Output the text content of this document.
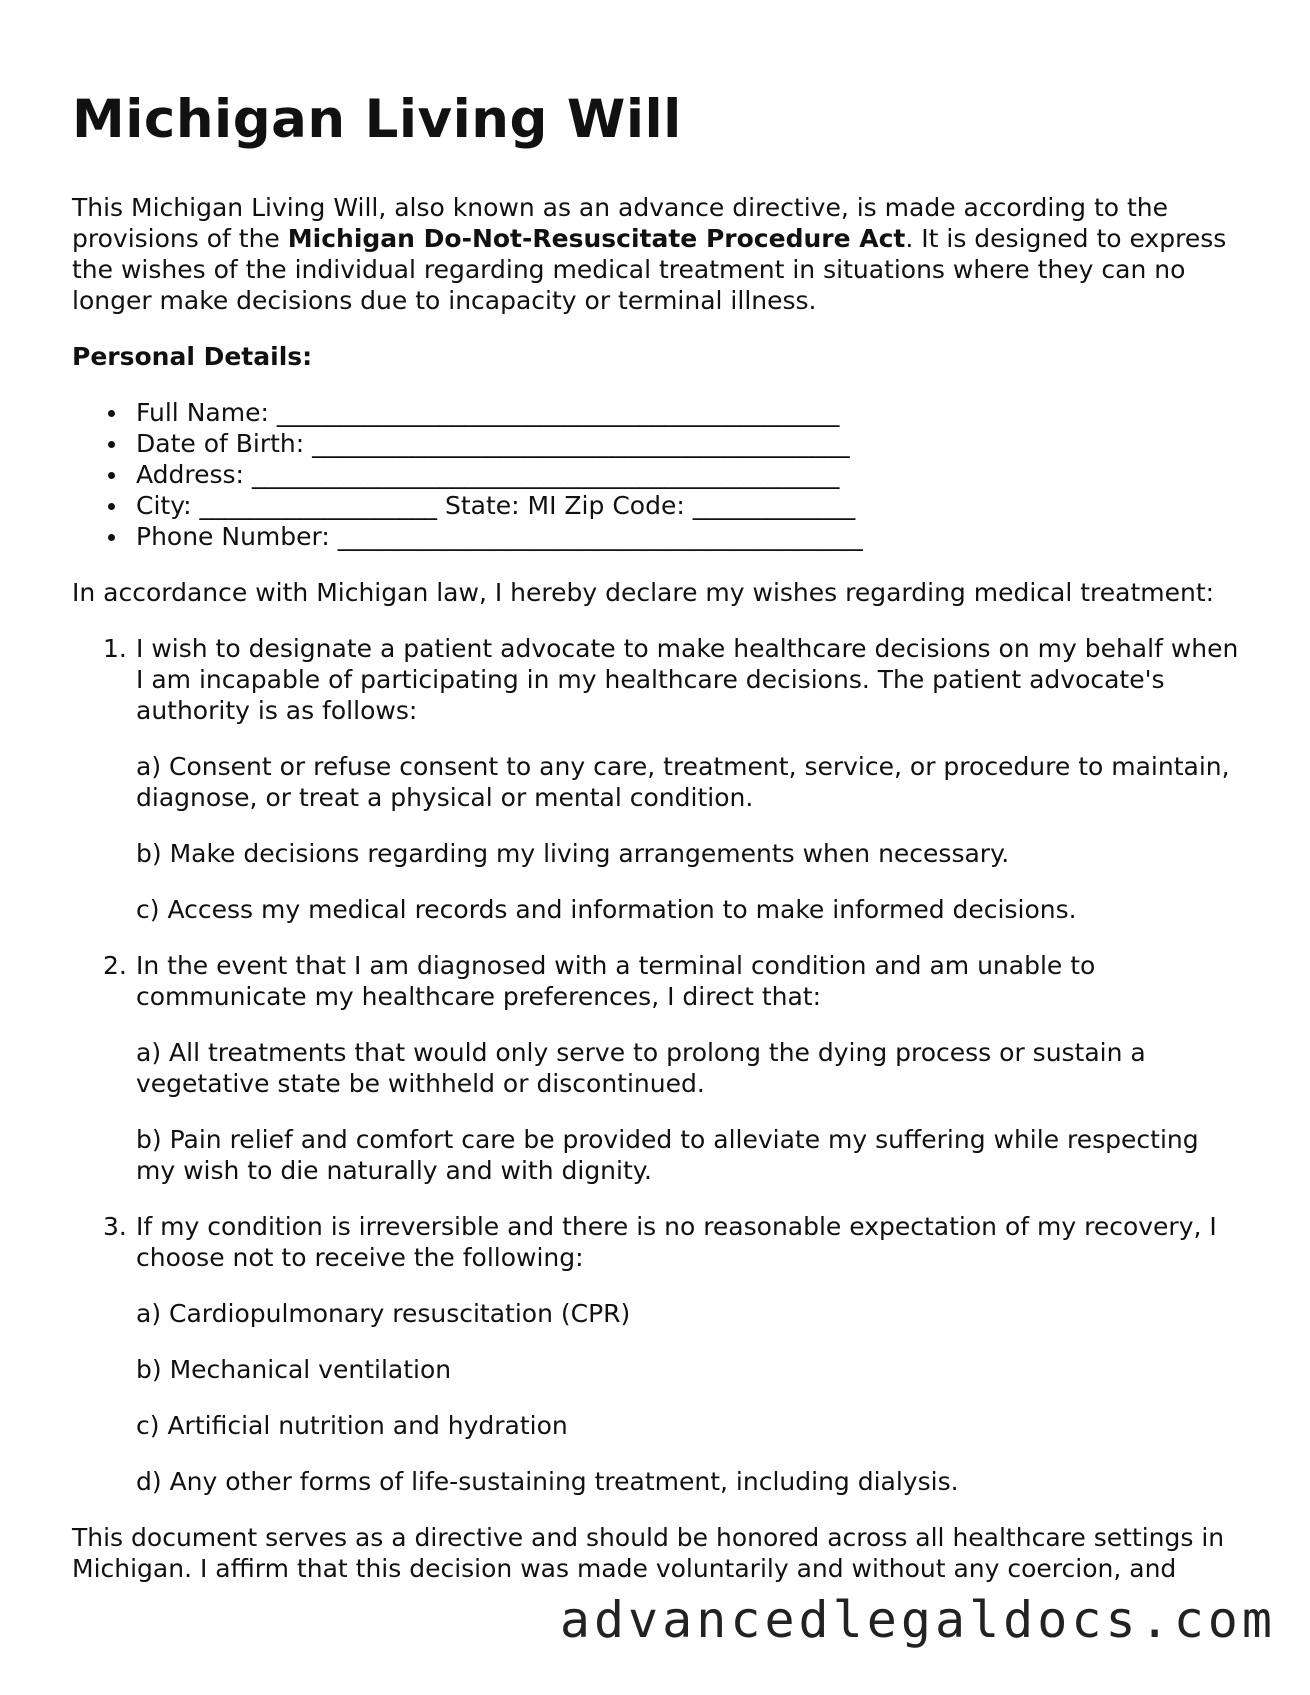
Michigan Living Will

This Michigan Living Will, also known as an advance directive, is made according to the provisions of the Michigan Do-Not-Resuscitate Procedure Act. It is designed to express the wishes of the individual regarding medical treatment in situations where they can no longer make decisions due to incapacity or terminal illness.

Personal Details:

Full Name: _____________________________________________
Date of Birth: ___________________________________________
Address: _______________________________________________
City: ___________________ State: MI Zip Code: _____________
Phone Number: __________________________________________

In accordance with Michigan law, I hereby declare my wishes regarding medical treatment:

1. I wish to designate a patient advocate to make healthcare decisions on my behalf when I am incapable of participating in my healthcare decisions. The patient advocate's authority is as follows:
a) Consent or refuse consent to any care, treatment, service, or procedure to maintain, diagnose, or treat a physical or mental condition.
b) Make decisions regarding my living arrangements when necessary.
c) Access my medical records and information to make informed decisions.
2. In the event that I am diagnosed with a terminal condition and am unable to communicate my healthcare preferences, I direct that:
a) All treatments that would only serve to prolong the dying process or sustain a vegetative state be withheld or discontinued.
b) Pain relief and comfort care be provided to alleviate my suffering while respecting my wish to die naturally and with dignity.
3. If my condition is irreversible and there is no reasonable expectation of my recovery, I choose not to receive the following:
a) Cardiopulmonary resuscitation (CPR)
b) Mechanical ventilation
c) Artificial nutrition and hydration
d) Any other forms of life-sustaining treatment, including dialysis.

This document serves as a directive and should be honored across all healthcare settings in Michigan. I affirm that this decision was made voluntarily and without any coercion, and

advancedlegaldocs.com
